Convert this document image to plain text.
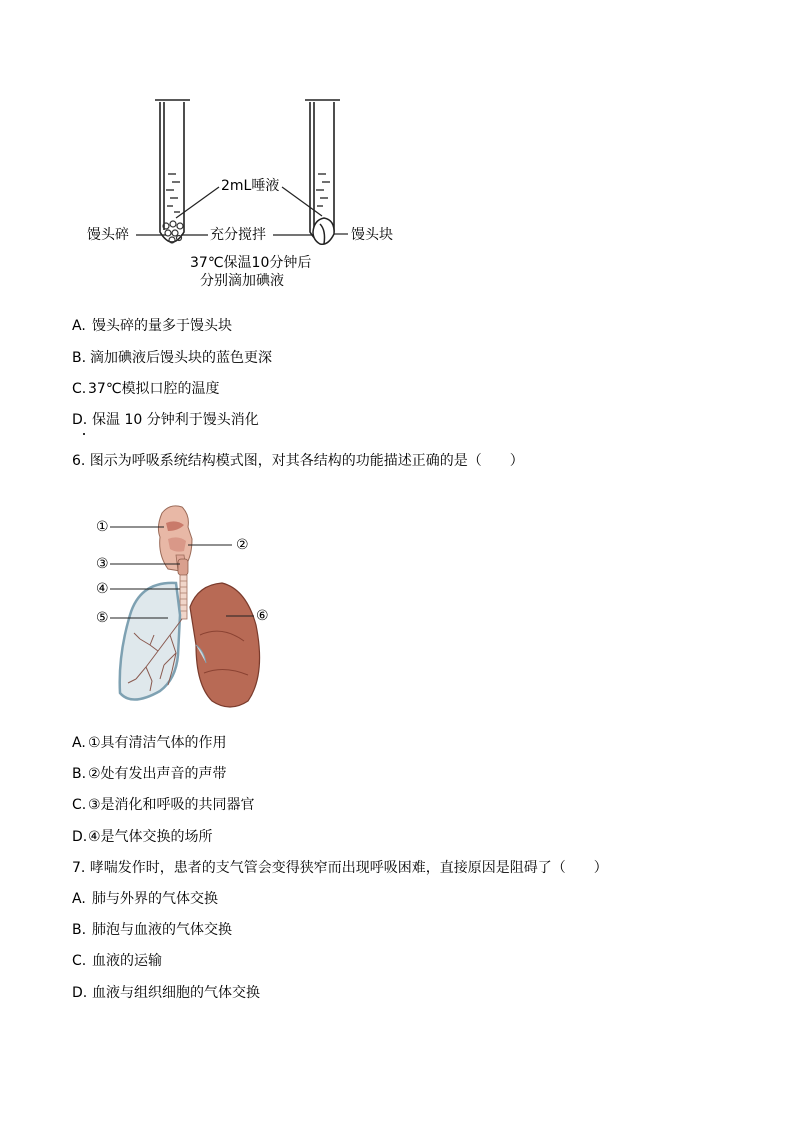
2mL唾液
馒头碎	充分搅拌	馒头块
37℃保温10分钟后
分别滴加碘液
A. 馒头碎的量多于馒头块
B. 滴加碘液后馒头块的蓝色更深
C. 37℃模拟口腔的温度
D. 保温 10 分钟利于馒头消化
6. 图示为呼吸系统结构模式图，对其各结构的功能描述正确的是（　　）
①
②
③
④
⑤	⑥
A. ①具有清洁气体的作用
B. ②处有发出声音的声带
C. ③是消化和呼吸的共同器官
D. ④是气体交换的场所
7. 哮喘发作时，患者的支气管会变得狭窄而出现呼吸困难，直接原因是阻碍了（　　）
A. 肺与外界的气体交换
B. 肺泡与血液的气体交换
C. 血液的运输
D. 血液与组织细胞的气体交换
